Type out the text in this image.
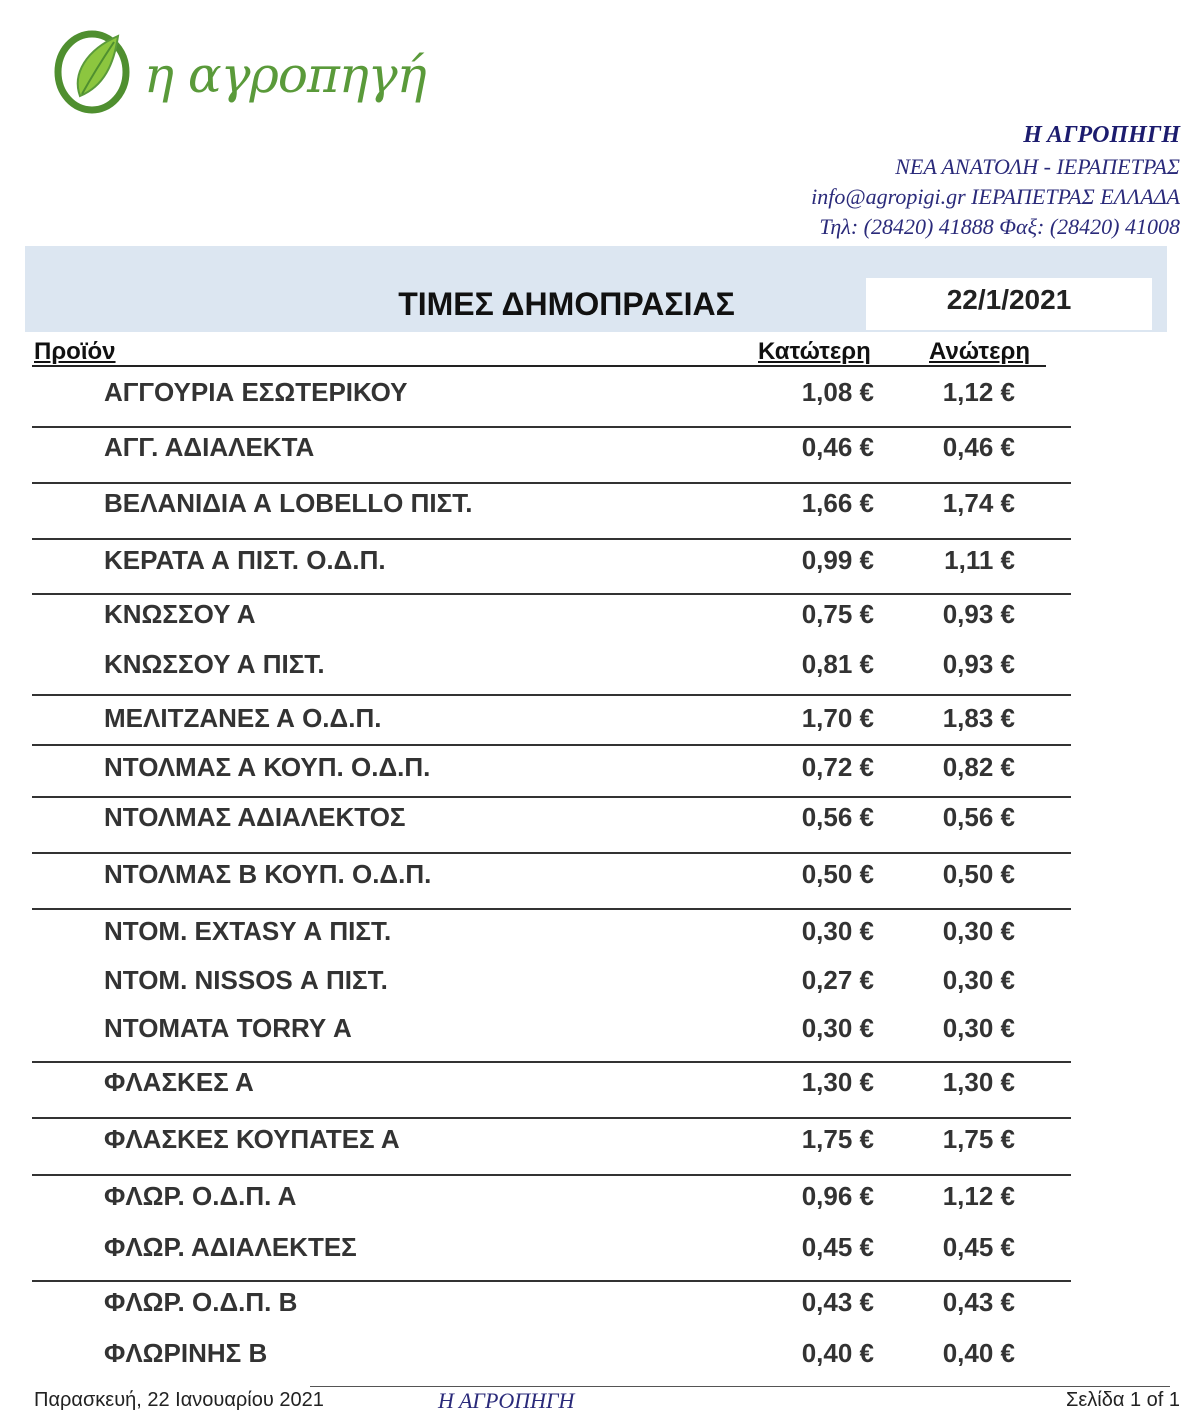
η αγροπηγή
Η ΑΓΡΟΠΗΓΗ
ΝΕΑ ΑΝΑΤΟΛΗ - ΙΕΡΑΠΕΤΡΑΣ
info@agropigi.gr ΙΕΡΑΠΕΤΡΑΣ ΕΛΛΑΔΑ
Τηλ: (28420) 41888 Φαξ: (28420) 41008
22/1/2021
ΤΙΜΕΣ ΔΗΜΟΠΡΑΣΙΑΣ
Προϊόν	Κατώτερη Ανώτερη
ΑΓΓΟΥΡΙΑ ΕΣΩΤΕΡΙΚΟΥ	1,08 €	1,12 €
ΑΓΓ. ΑΔΙΑΛΕΚΤΑ	0,46 €	0,46 €
ΒΕΛΑΝΙΔΙΑ Α LOBELLO ΠΙΣΤ.	1,66 €	1,74 €
ΚΕΡΑΤΑ Α ΠΙΣΤ. Ο.Δ.Π.	0,99 €	1,11 €
ΚΝΩΣΣΟΥ Α	0,75 €	0,93 €
ΚΝΩΣΣΟΥ Α ΠΙΣΤ.	0,81 €	0,93 €
ΜΕΛΙΤΖΑΝΕΣ Α Ο.Δ.Π.	1,70 €	1,83 €
ΝΤΟΛΜΑΣ Α ΚΟΥΠ. Ο.Δ.Π.	0,72 €	0,82 €
ΝΤΟΛΜΑΣ ΑΔΙΑΛΕΚΤΟΣ	0,56 €	0,56 €
ΝΤΟΛΜΑΣ Β ΚΟΥΠ. Ο.Δ.Π.	0,50 €	0,50 €
ΝΤΟΜ. EXTASY Α ΠΙΣΤ.	0,30 €	0,30 €
ΝΤΟΜ. NISSOS Α ΠΙΣΤ.	0,27 €	0,30 €
ΝΤΟΜΑΤΑ TORRY Α	0,30 €	0,30 €
ΦΛΑΣΚΕΣ Α	1,30 €	1,30 €
ΦΛΑΣΚΕΣ ΚΟΥΠΑΤΕΣ Α	1,75 €	1,75 €
ΦΛΩΡ. Ο.Δ.Π. Α	0,96 €	1,12 €
ΦΛΩΡ. ΑΔΙΑΛΕΚΤΕΣ	0,45 €	0,45 €
ΦΛΩΡ. Ο.Δ.Π. Β	0,43 €	0,43 €
ΦΛΩΡΙΝΗΣ Β	0,40 €	0,40 €
Παρασκευή, 22 Ιανουαρίου 2021	Η ΑΓΡΟΠΗΓΗ	Σελίδα 1 of 1
